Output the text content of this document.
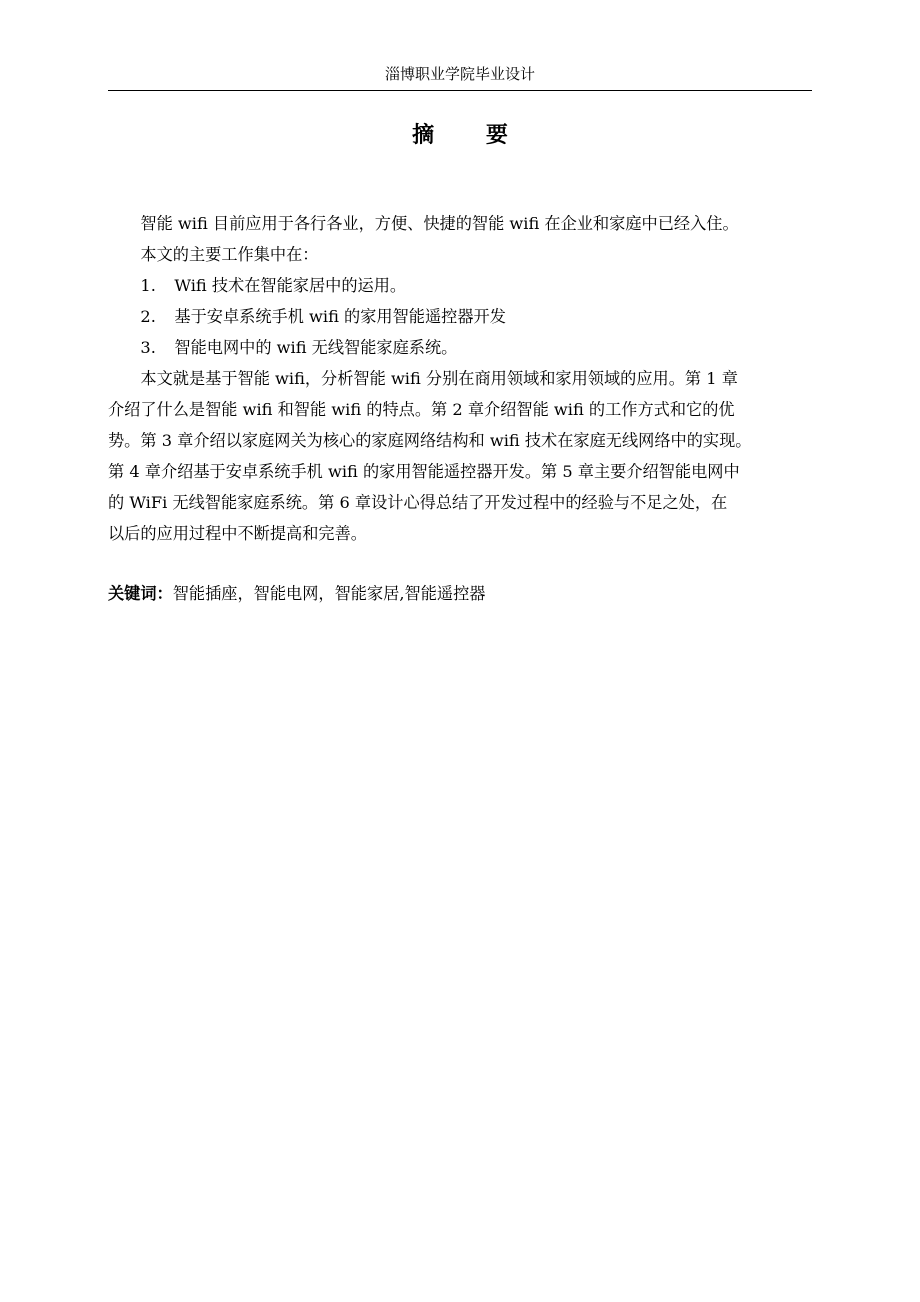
淄博职业学院毕业设计
摘 要

智能 wifi 目前应用于各行各业，方便、快捷的智能 wifi 在企业和家庭中已经入住。

本文的主要工作集中在：

1. Wifi 技术在智能家居中的运用。

2. 基于安卓系统手机 wifi 的家用智能遥控器开发

3. 智能电网中的 wifi 无线智能家庭系统。

本文就是基于智能 wifi，分析智能 wifi 分别在商用领域和家用领域的应用。第 1 章

介绍了什么是智能 wifi 和智能 wifi 的特点。第 2 章介绍智能 wifi 的工作方式和它的优

势。第 3 章介绍以家庭网关为核心的家庭网络结构和 wifi 技术在家庭无线网络中的实现。

第 4 章介绍基于安卓系统手机 wifi 的家用智能遥控器开发。第 5 章主要介绍智能电网中

的 WiFi 无线智能家庭系统。第 6 章设计心得总结了开发过程中的经验与不足之处，在

以后的应用过程中不断提高和完善。

关键词：智能插座，智能电网，智能家居,智能遥控器
